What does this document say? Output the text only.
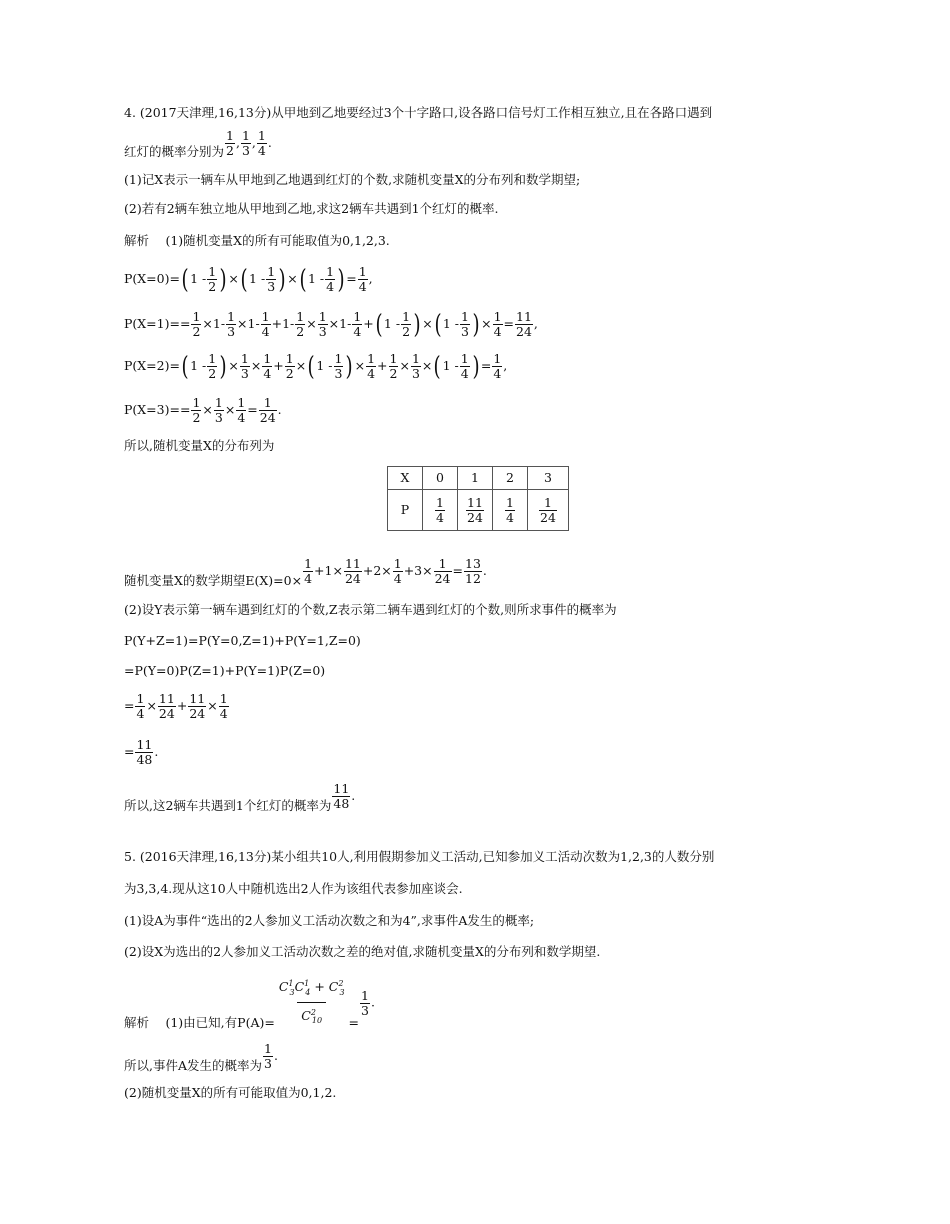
4. (2017天津理,16,13分)从甲地到乙地要经过3个十字路口,设各路口信号灯工作相互独立,且在各路口遇到
红灯的概率分别为 $\frac{1}{2}$ , $\frac{1}{3}$ , $\frac{1}{4}$ .
(1)记X表示一辆车从甲地到乙地遇到红灯的个数,求随机变量X的分布列和数学期望;
(2)若有2辆车独立地从甲地到乙地,求这2辆车共遇到1个红灯的概率.
解析 　(1)随机变量X的所有可能取值为0,1,2,3.
P(X=0)= ( 1 - 1
2 ) × ( 1 - 1
3 ) × ( 1 - 1
4 ) = $\frac{1}{4}$ ,
$P(X=1)== \frac{1}{2} \times 1- \frac{1}{3} \times 1- \frac{1}{4} +1- \frac{1}{2} \times \frac{1}{3} \times 1- \frac{1}{4}$ + ( 1 - 1
2 ) × ( 1 - 1
3 ) × $\frac{1}{4} = \frac{11}{24}$ ,
P(X=2)= ( 1 - 1
2 ) × $\frac{1}{3} \times \frac{1}{4} + \frac{1}{2}$ × ( 1 - 1
3 ) × $\frac{1}{4} + \frac{1}{2} \times \frac{1}{3}$ × ( 1 - 1
4 ) = $\frac{1}{4}$ ,
$P(X=3)== \frac{1}{2} \times \frac{1}{3} \times \frac{1}{4} = \frac{1}{24}$ .
所以,随机变量X的分布列为
X	0	1	2	3
P	$\frac{1}{4}$	$\frac{11}{24}$	$\frac{1}{4}$	$\frac{1}{24}$
随机变量X的数学期望$E(X)=0\times \frac{1}{4} +1\times \frac{11}{24} +2\times \frac{1}{4} +3\times \frac{1}{24} = \frac{13}{12}$ .
(2)设Y表示第一辆车遇到红灯的个数,Z表示第二辆车遇到红灯的个数,则所求事件的概率为
P(Y+Z=1)=P(Y=0,Z=1)+P(Y=1,Z=0)
=P(Y=0)P(Z=1)+P(Y=1)P(Z=0)
= $\frac{1}{4} \times \frac{11}{24} + \frac{11}{24} \times \frac{1}{4}$
= $\frac{11}{48}$ .
所以,这2辆车共遇到1个红灯的概率为 $\frac{11}{48}$ .
5. (2016天津理,16,13分)某小组共10人,利用假期参加义工活动,已知参加义工活动次数为1,2,3的人数分别
为3,3,4.现从这10人中随机选出2人作为该组代表参加座谈会.
(1)设A为事件“选出的2人参加义工活动次数之和为4”,求事件A发生的概率;
(2)设X为选出的2人参加义工活动次数之差的绝对值,求随机变量X的分布列和数学期望.
解析 　(1)由已知,有$P(A)= \frac{C^1_3C^1_4 + C^2_3}{C^2_{10}}$ =
$\frac{1}{3}$ .
所以,事件A发生的概率为 $\frac{1}{3}$ .
(2)随机变量X的所有可能取值为0,1,2.
